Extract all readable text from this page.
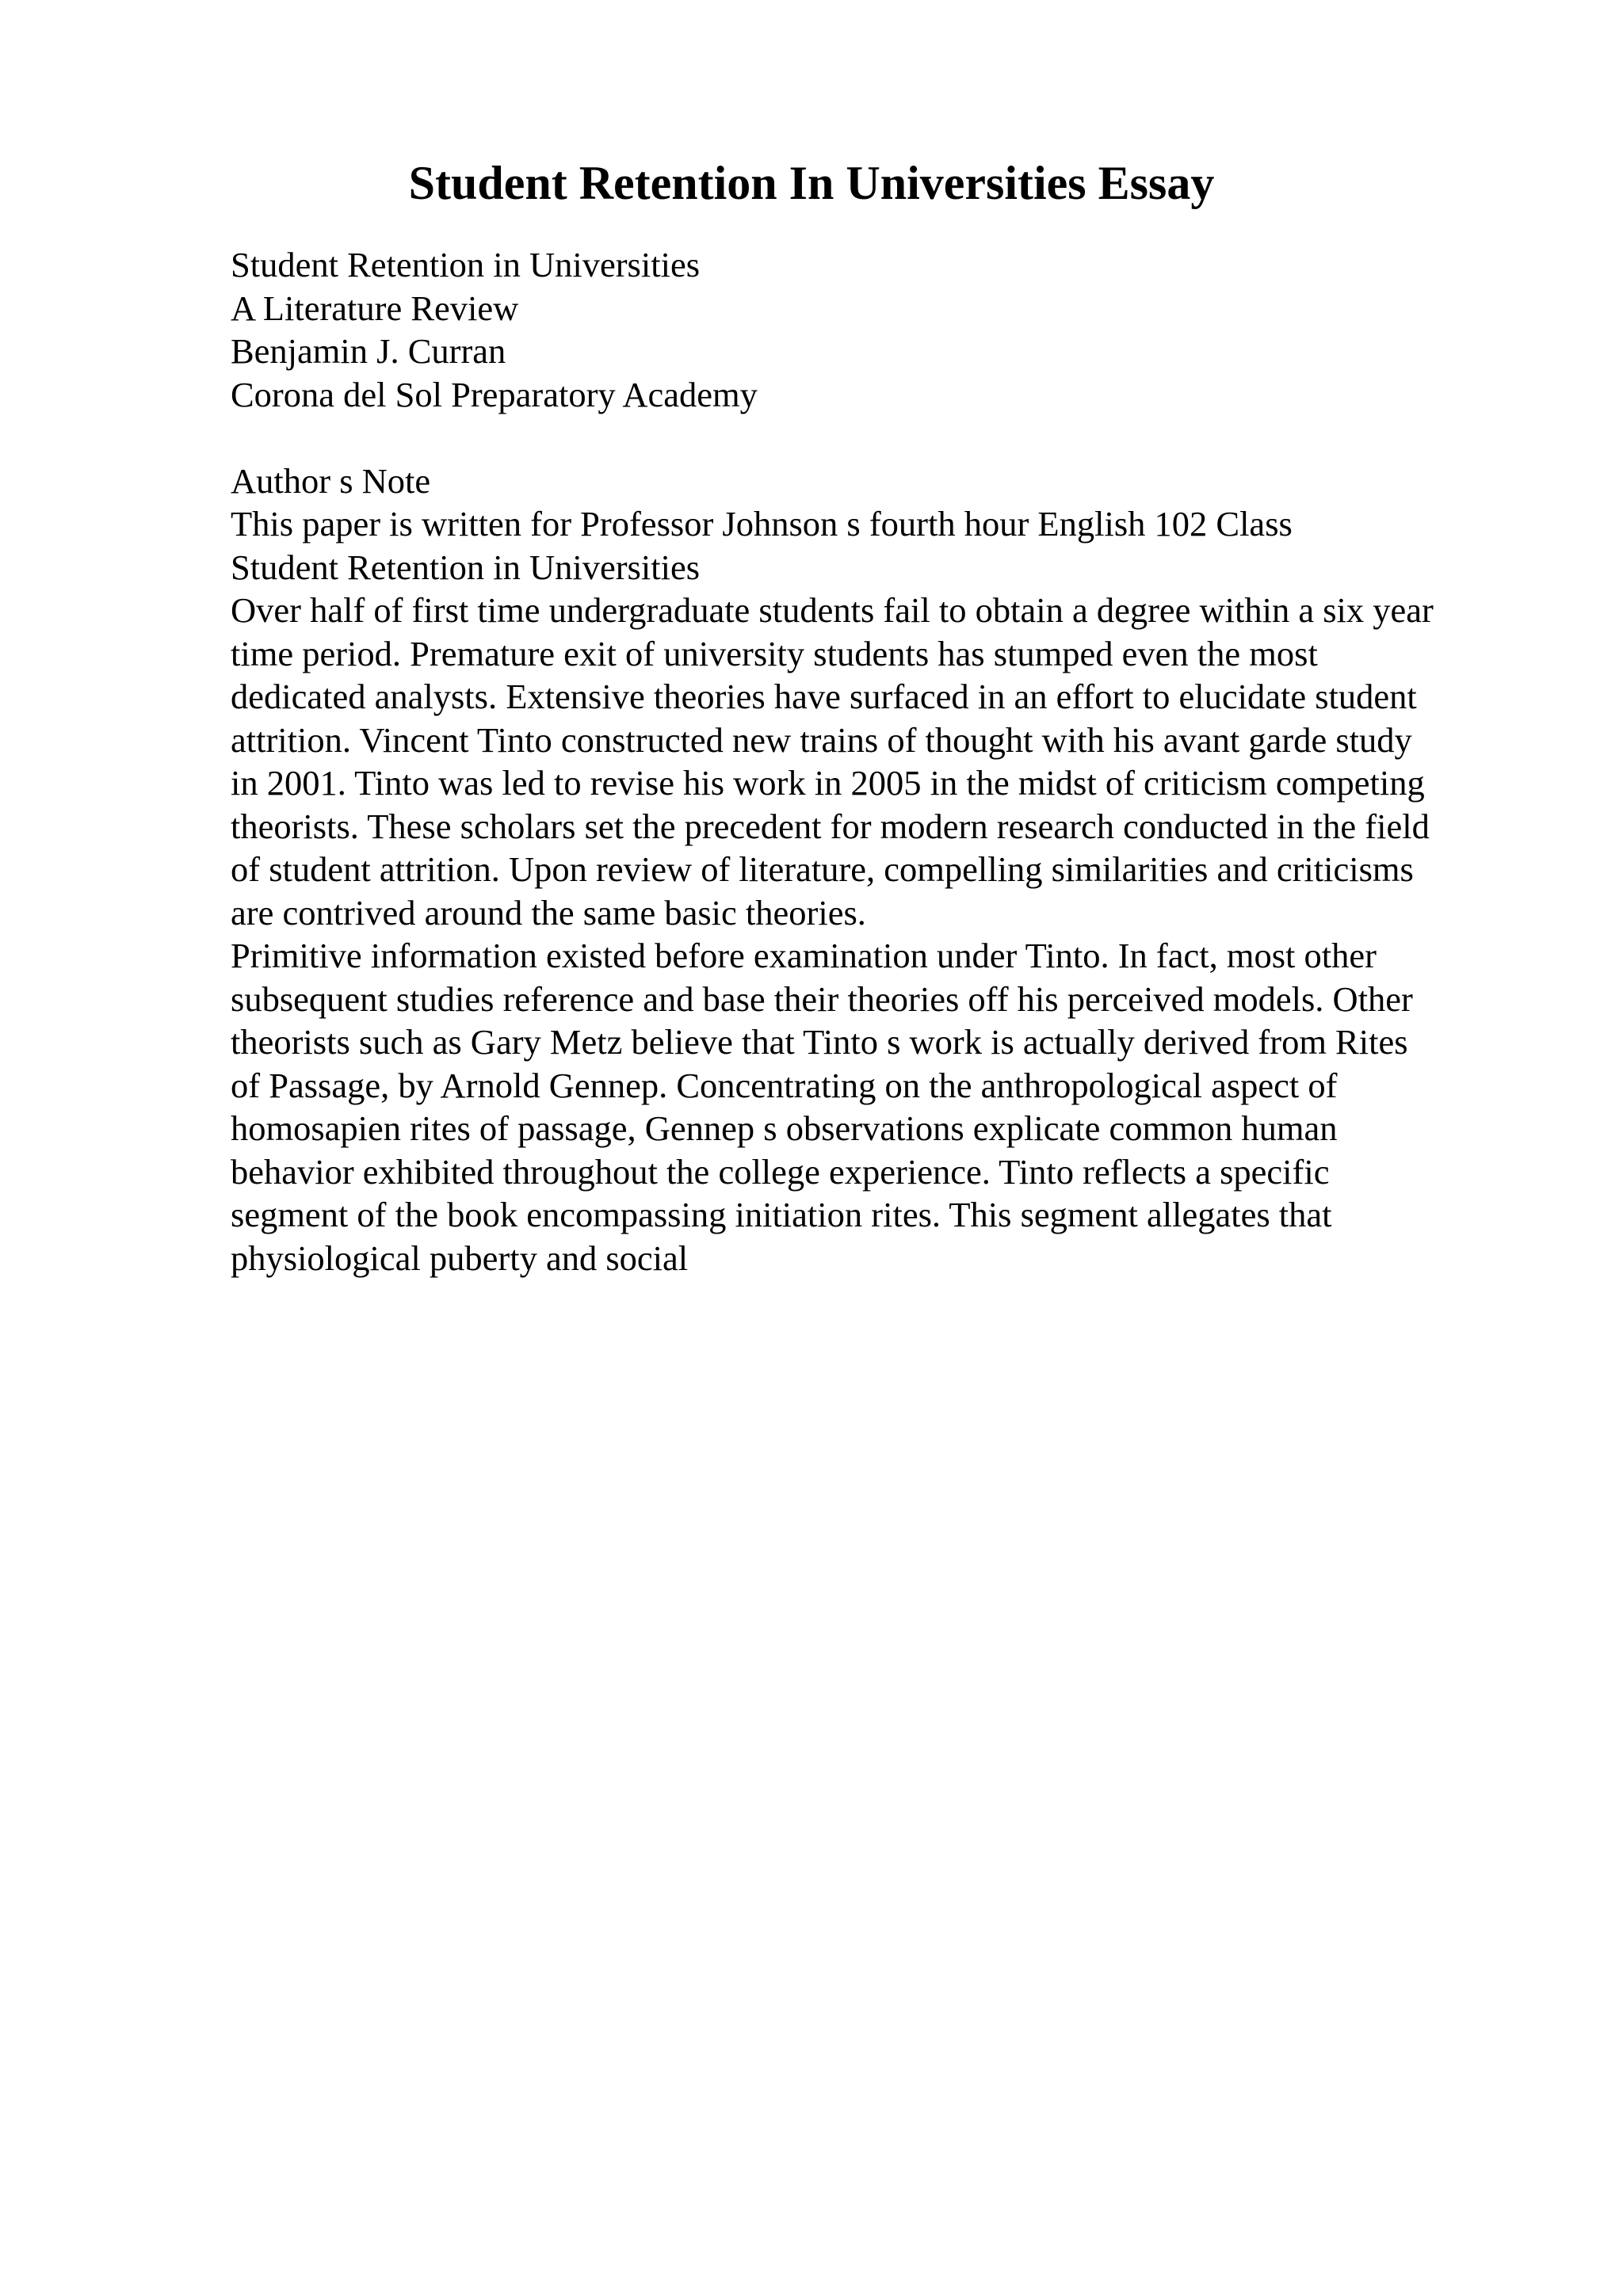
Student Retention In Universities Essay
Student Retention in Universities
A Literature Review
Benjamin J. Curran
Corona del Sol Preparatory Academy
Author s Note
This paper is written for Professor Johnson s fourth hour English 102 Class
Student Retention in Universities
Over half of first time undergraduate students fail to obtain a degree within a six year
time period. Premature exit of university students has stumped even the most
dedicated analysts. Extensive theories have surfaced in an effort to elucidate student
attrition. Vincent Tinto constructed new trains of thought with his avant garde study
in 2001. Tinto was led to revise his work in 2005 in the midst of criticism competing
theorists. These scholars set the precedent for modern research conducted in the field
of student attrition. Upon review of literature, compelling similarities and criticisms
are contrived around the same basic theories.
Primitive information existed before examination under Tinto. In fact, most other
subsequent studies reference and base their theories off his perceived models. Other
theorists such as Gary Metz believe that Tinto s work is actually derived from Rites
of Passage, by Arnold Gennep. Concentrating on the anthropological aspect of
homosapien rites of passage, Gennep s observations explicate common human
behavior exhibited throughout the college experience. Tinto reflects a specific
segment of the book encompassing initiation rites. This segment allegates that
physiological puberty and social
